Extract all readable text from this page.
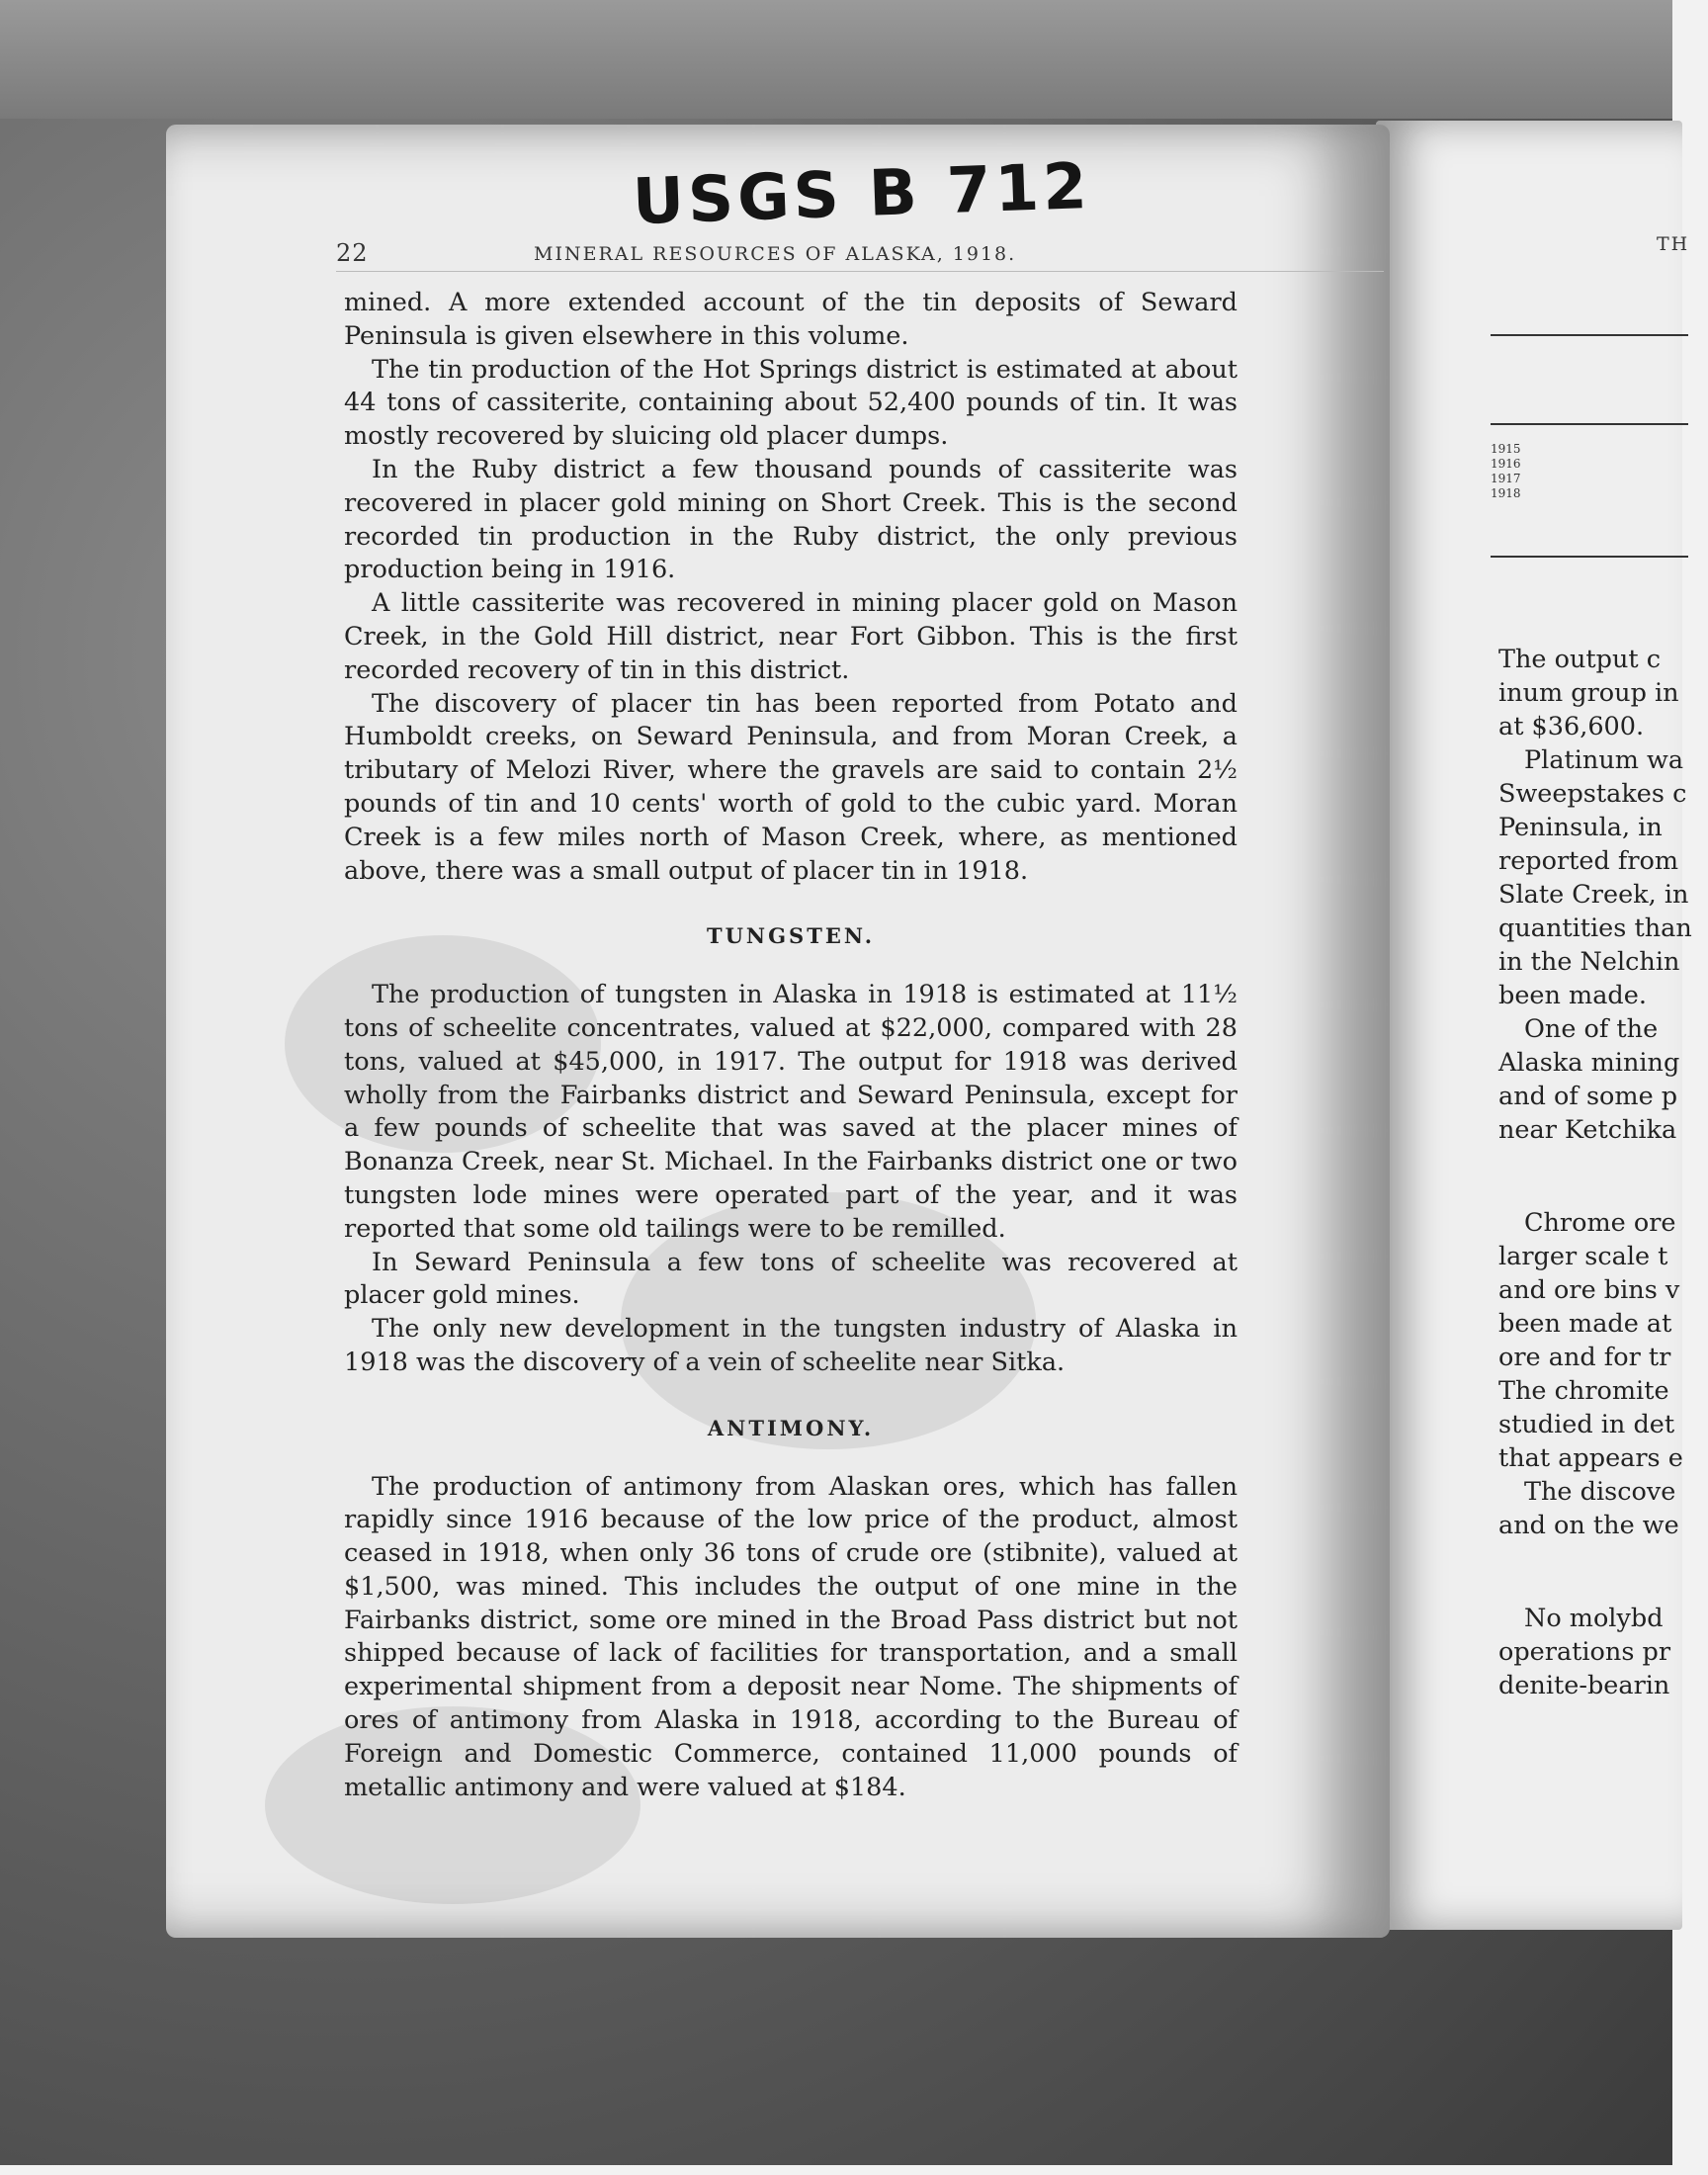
TH
1915
1916
1917
1918
The output c
inum group in
at $36,600.
Platinum wa
Sweepstakes c
Peninsula, in
reported from
Slate Creek, in
quantities than
in the Nelchin
been made.
One of the
Alaska mining
and of some p
near Ketchika
Chrome ore
larger scale t
and ore bins v
been made at
ore and for tr
The chromite
studied in det
that appears e
The discove
and on the we
No molybd
operations pr
denite-bearin
USGS B 712
22	MINERAL RESOURCES OF ALASKA, 1918.

mined. A more extended account of the tin deposits of Seward Peninsula is given elsewhere in this volume.

The tin production of the Hot Springs district is estimated at about 44 tons of cassiterite, containing about 52,400 pounds of tin. It was mostly recovered by sluicing old placer dumps.

In the Ruby district a few thousand pounds of cassiterite was recovered in placer gold mining on Short Creek. This is the second recorded tin production in the Ruby district, the only previous production being in 1916.

A little cassiterite was recovered in mining placer gold on Mason Creek, in the Gold Hill district, near Fort Gibbon. This is the first recorded recovery of tin in this district.

The discovery of placer tin has been reported from Potato and Humboldt creeks, on Seward Peninsula, and from Moran Creek, a tributary of Melozi River, where the gravels are said to contain 2½ pounds of tin and 10 cents' worth of gold to the cubic yard. Moran Creek is a few miles north of Mason Creek, where, as mentioned above, there was a small output of placer tin in 1918.

TUNGSTEN.

The production of tungsten in Alaska in 1918 is estimated at 11½ tons of scheelite concentrates, valued at $22,000, compared with 28 tons, valued at $45,000, in 1917. The output for 1918 was derived wholly from the Fairbanks district and Seward Peninsula, except for a few pounds of scheelite that was saved at the placer mines of Bonanza Creek, near St. Michael. In the Fairbanks district one or two tungsten lode mines were operated part of the year, and it was reported that some old tailings were to be remilled.

In Seward Peninsula a few tons of scheelite was recovered at placer gold mines.

The only new development in the tungsten industry of Alaska in 1918 was the discovery of a vein of scheelite near Sitka.

ANTIMONY.

The production of antimony from Alaskan ores, which has fallen rapidly since 1916 because of the low price of the product, almost ceased in 1918, when only 36 tons of crude ore (stibnite), valued at $1,500, was mined. This includes the output of one mine in the Fairbanks district, some ore mined in the Broad Pass district but not shipped because of lack of facilities for transportation, and a small experimental shipment from a deposit near Nome. The shipments of ores of antimony from Alaska in 1918, according to the Bureau of Foreign and Domestic Commerce, contained 11,000 pounds of metallic antimony and were valued at $184.
